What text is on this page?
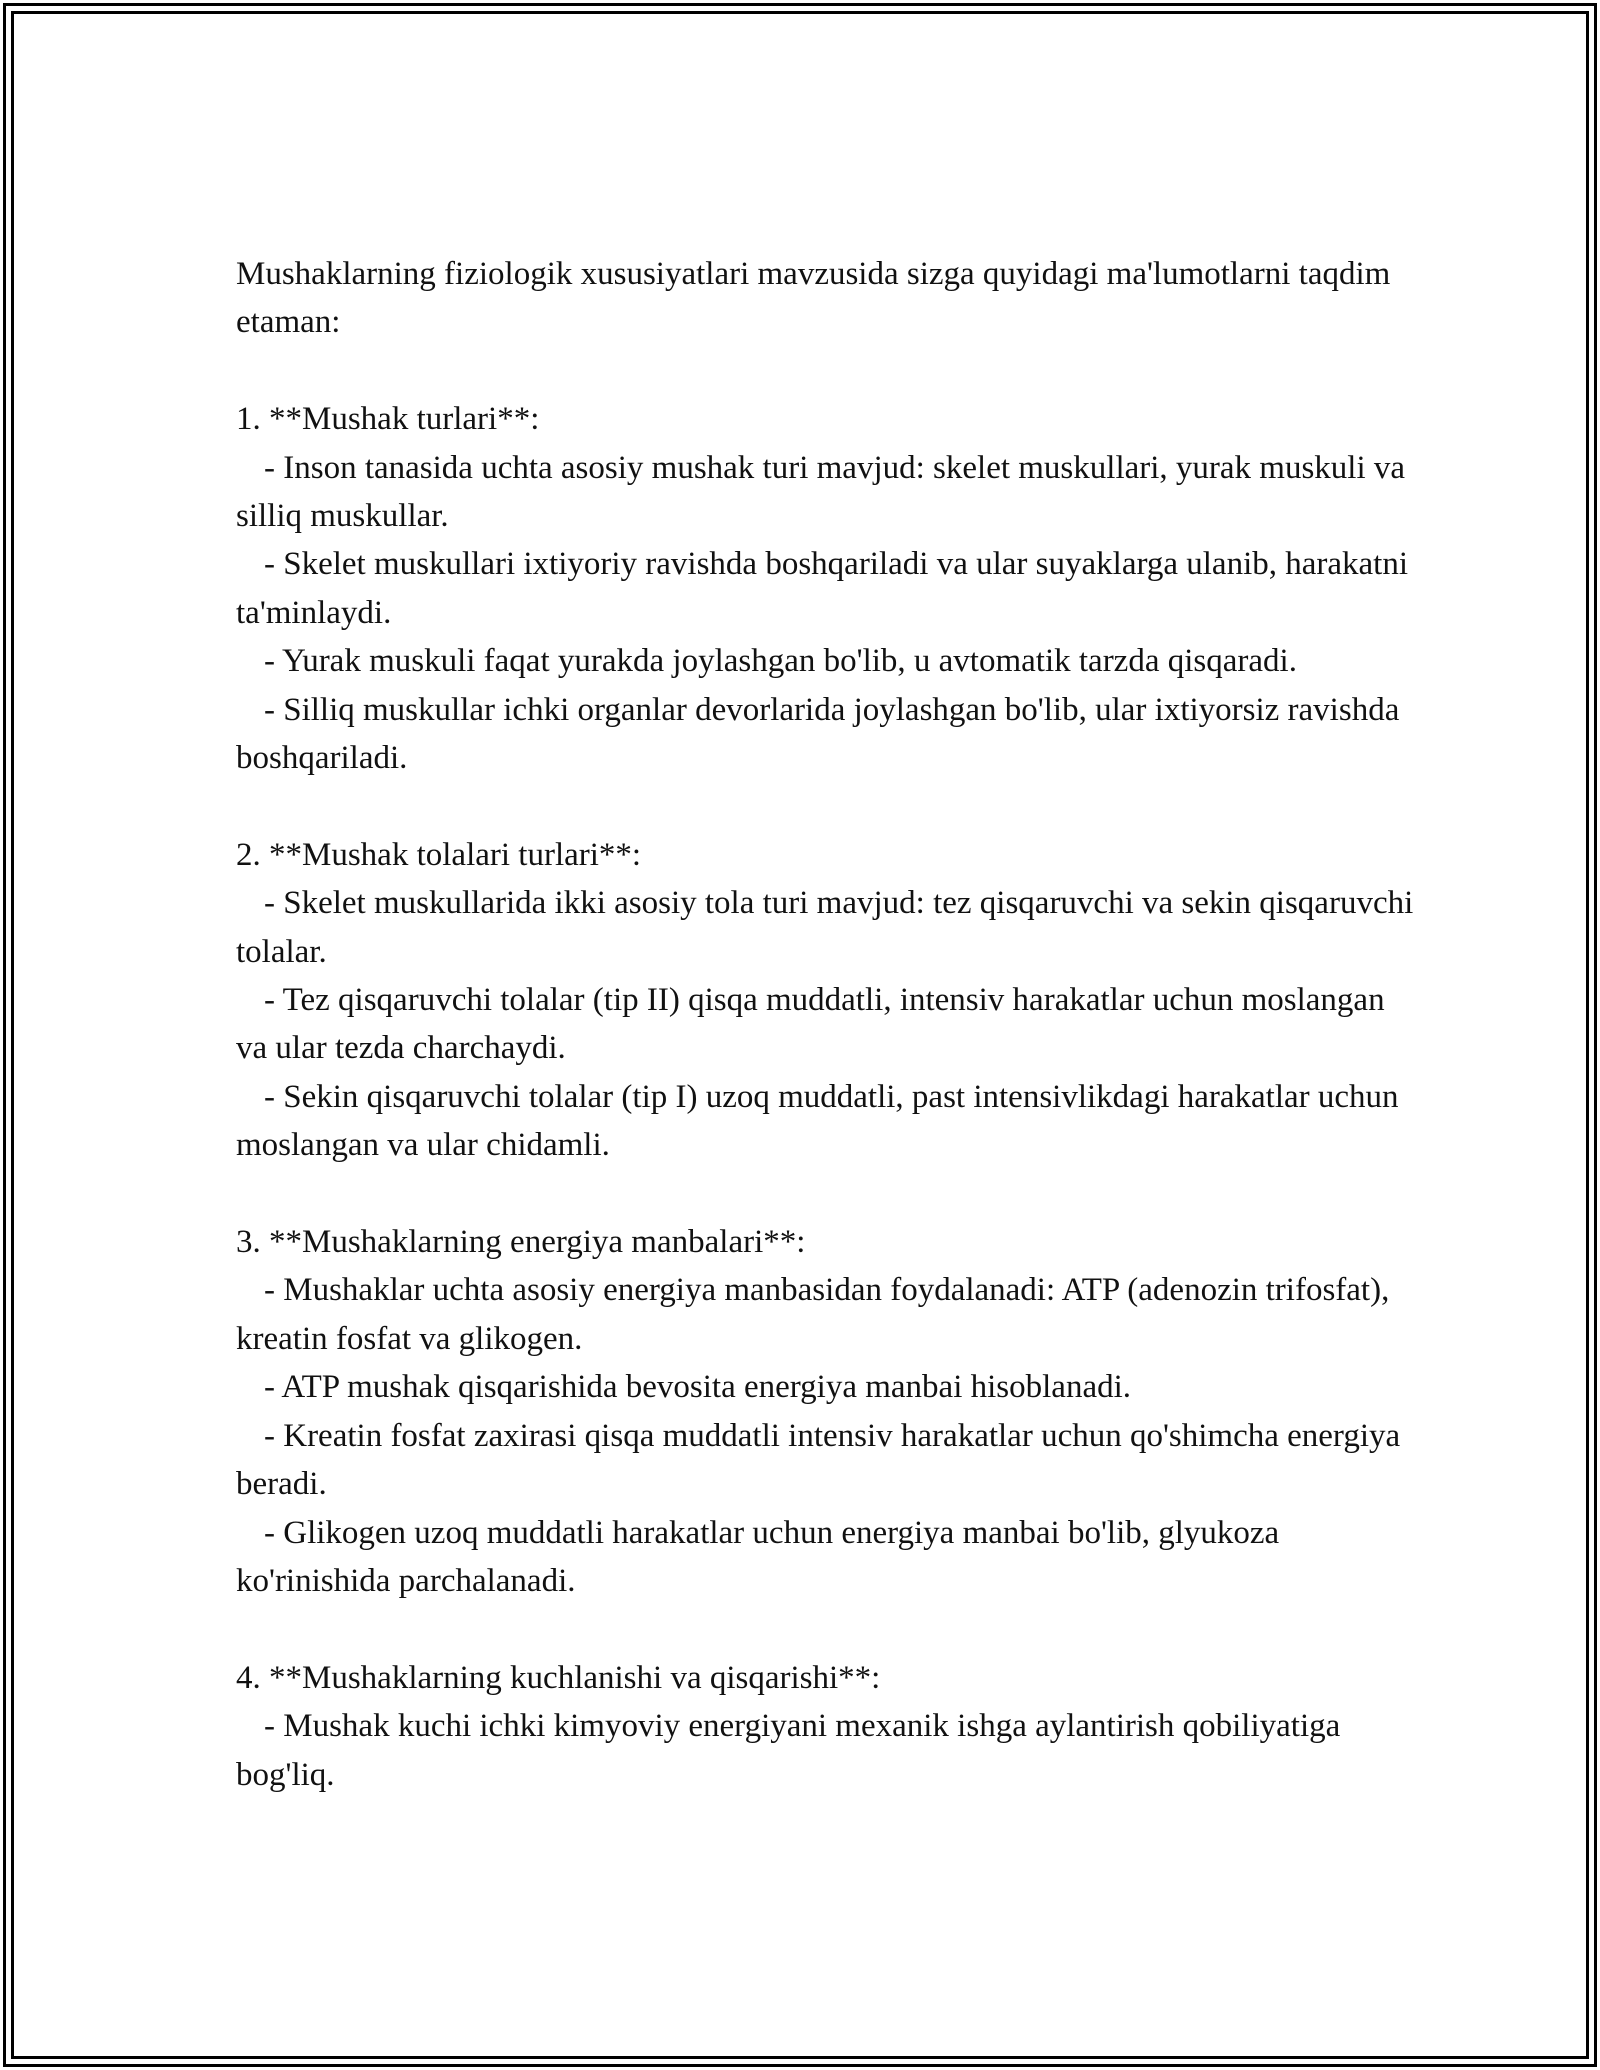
Mushaklarning fiziologik xususiyatlari mavzusida sizga quyidagi ma'lumotlarni taqdim etaman:

1. **Mushak turlari**:

- Inson tanasida uchta asosiy mushak turi mavjud: skelet muskullari, yurak muskuli va silliq muskullar.

- Skelet muskullari ixtiyoriy ravishda boshqariladi va ular suyaklarga ulanib, harakatni ta'minlaydi.

- Yurak muskuli faqat yurakda joylashgan bo'lib, u avtomatik tarzda qisqaradi.

- Silliq muskullar ichki organlar devorlarida joylashgan bo'lib, ular ixtiyorsiz ravishda boshqariladi.

2. **Mushak tolalari turlari**:

- Skelet muskullarida ikki asosiy tola turi mavjud: tez qisqaruvchi va sekin qisqaruvchi tolalar.

- Tez qisqaruvchi tolalar (tip II) qisqa muddatli, intensiv harakatlar uchun moslangan va ular tezda charchaydi.

- Sekin qisqaruvchi tolalar (tip I) uzoq muddatli, past intensivlikdagi harakatlar uchun moslangan va ular chidamli.

3. **Mushaklarning energiya manbalari**:

- Mushaklar uchta asosiy energiya manbasidan foydalanadi: ATP (adenozin trifosfat), kreatin fosfat va glikogen.

- ATP mushak qisqarishida bevosita energiya manbai hisoblanadi.

- Kreatin fosfat zaxirasi qisqa muddatli intensiv harakatlar uchun qo'shimcha energiya beradi.

- Glikogen uzoq muddatli harakatlar uchun energiya manbai bo'lib, glyukoza ko'rinishida parchalanadi.

4. **Mushaklarning kuchlanishi va qisqarishi**:

- Mushak kuchi ichki kimyoviy energiyani mexanik ishga aylantirish qobiliyatiga bog'liq.
